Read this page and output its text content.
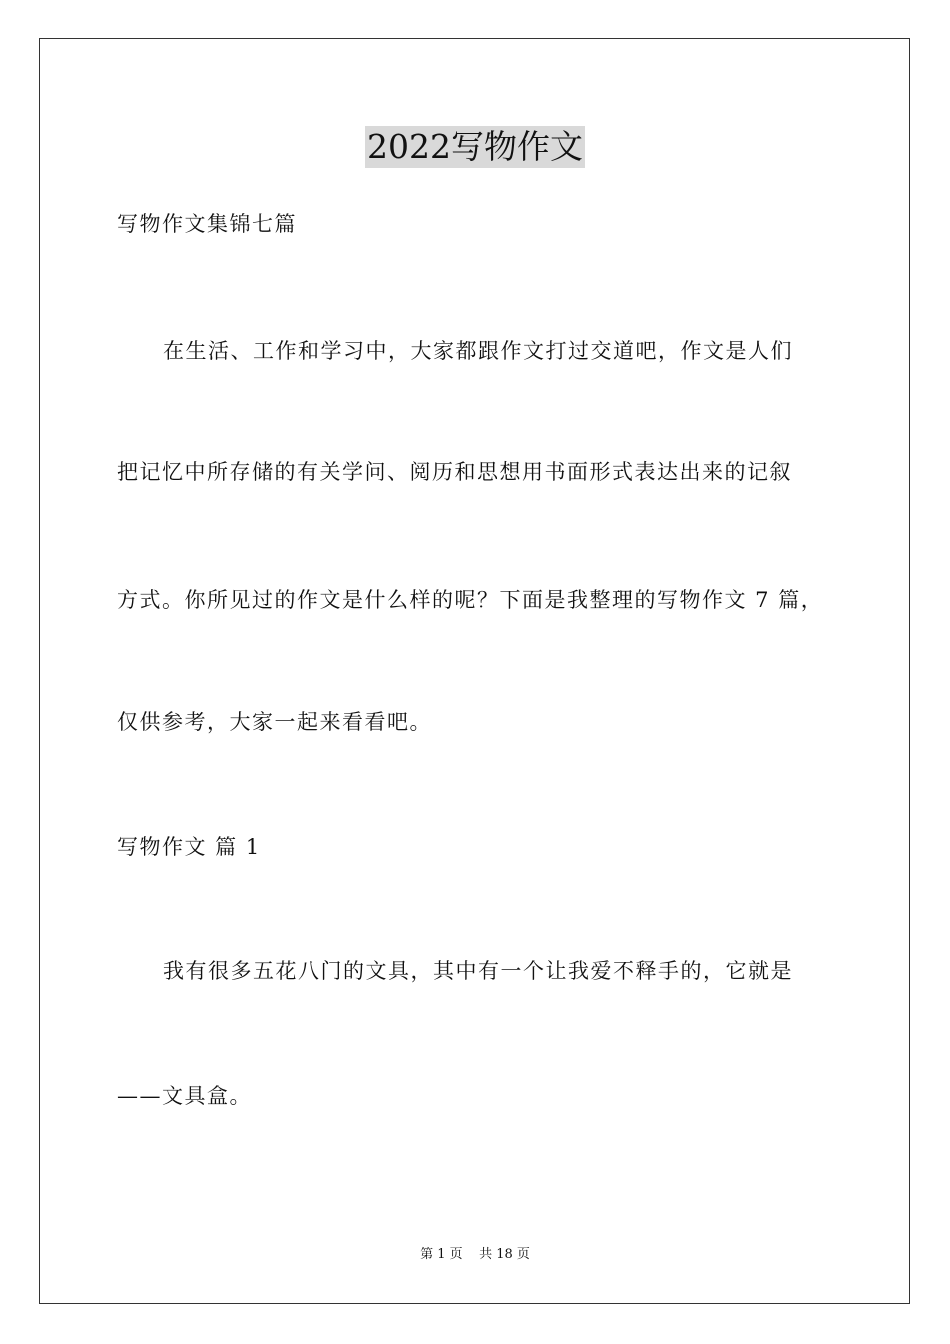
2022写物作文
写物作文集锦七篇
在生活、工作和学习中，大家都跟作文打过交道吧，作文是人们
把记忆中所存储的有关学问、阅历和思想用书面形式表达出来的记叙
方式。你所见过的作文是什么样的呢？下面是我整理的写物作文 7 篇，
仅供参考，大家一起来看看吧。
写物作文 篇 1
我有很多五花八门的文具，其中有一个让我爱不释手的，它就是
——文具盒。
第 1 页    共 18 页
